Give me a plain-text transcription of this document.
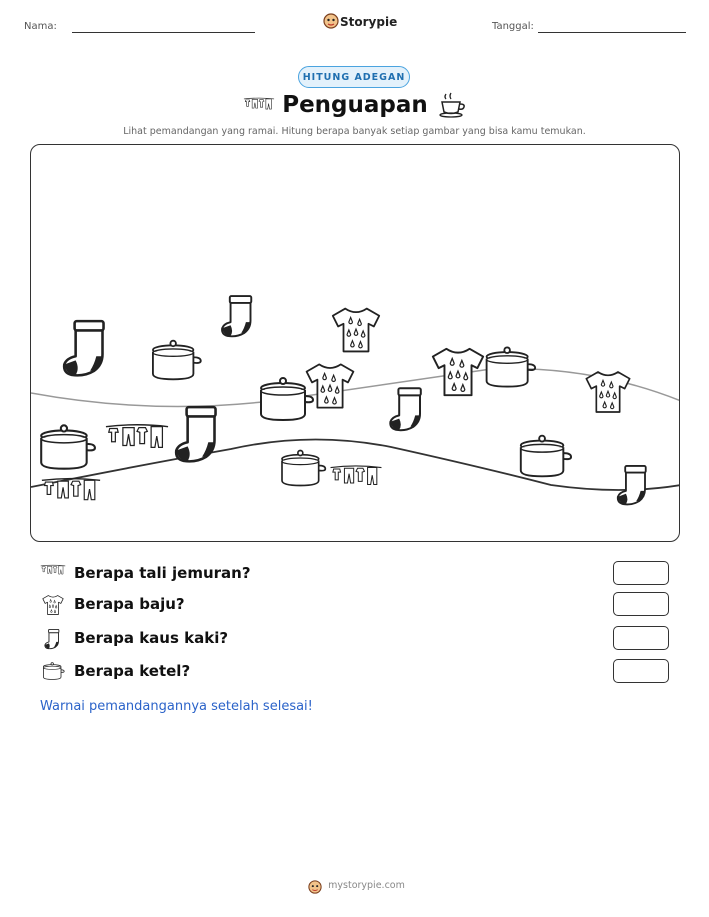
Nama:	Storypie	Tanggal:
HITUNG ADEGAN
Penguapan
Lihat pemandangan yang ramai. Hitung berapa banyak setiap gambar yang bisa kamu temukan.
Berapa tali jemuran?
Berapa baju?
Berapa kaus kaki?
Berapa ketel?
Warnai pemandangannya setelah selesai!
mystorypie.com
